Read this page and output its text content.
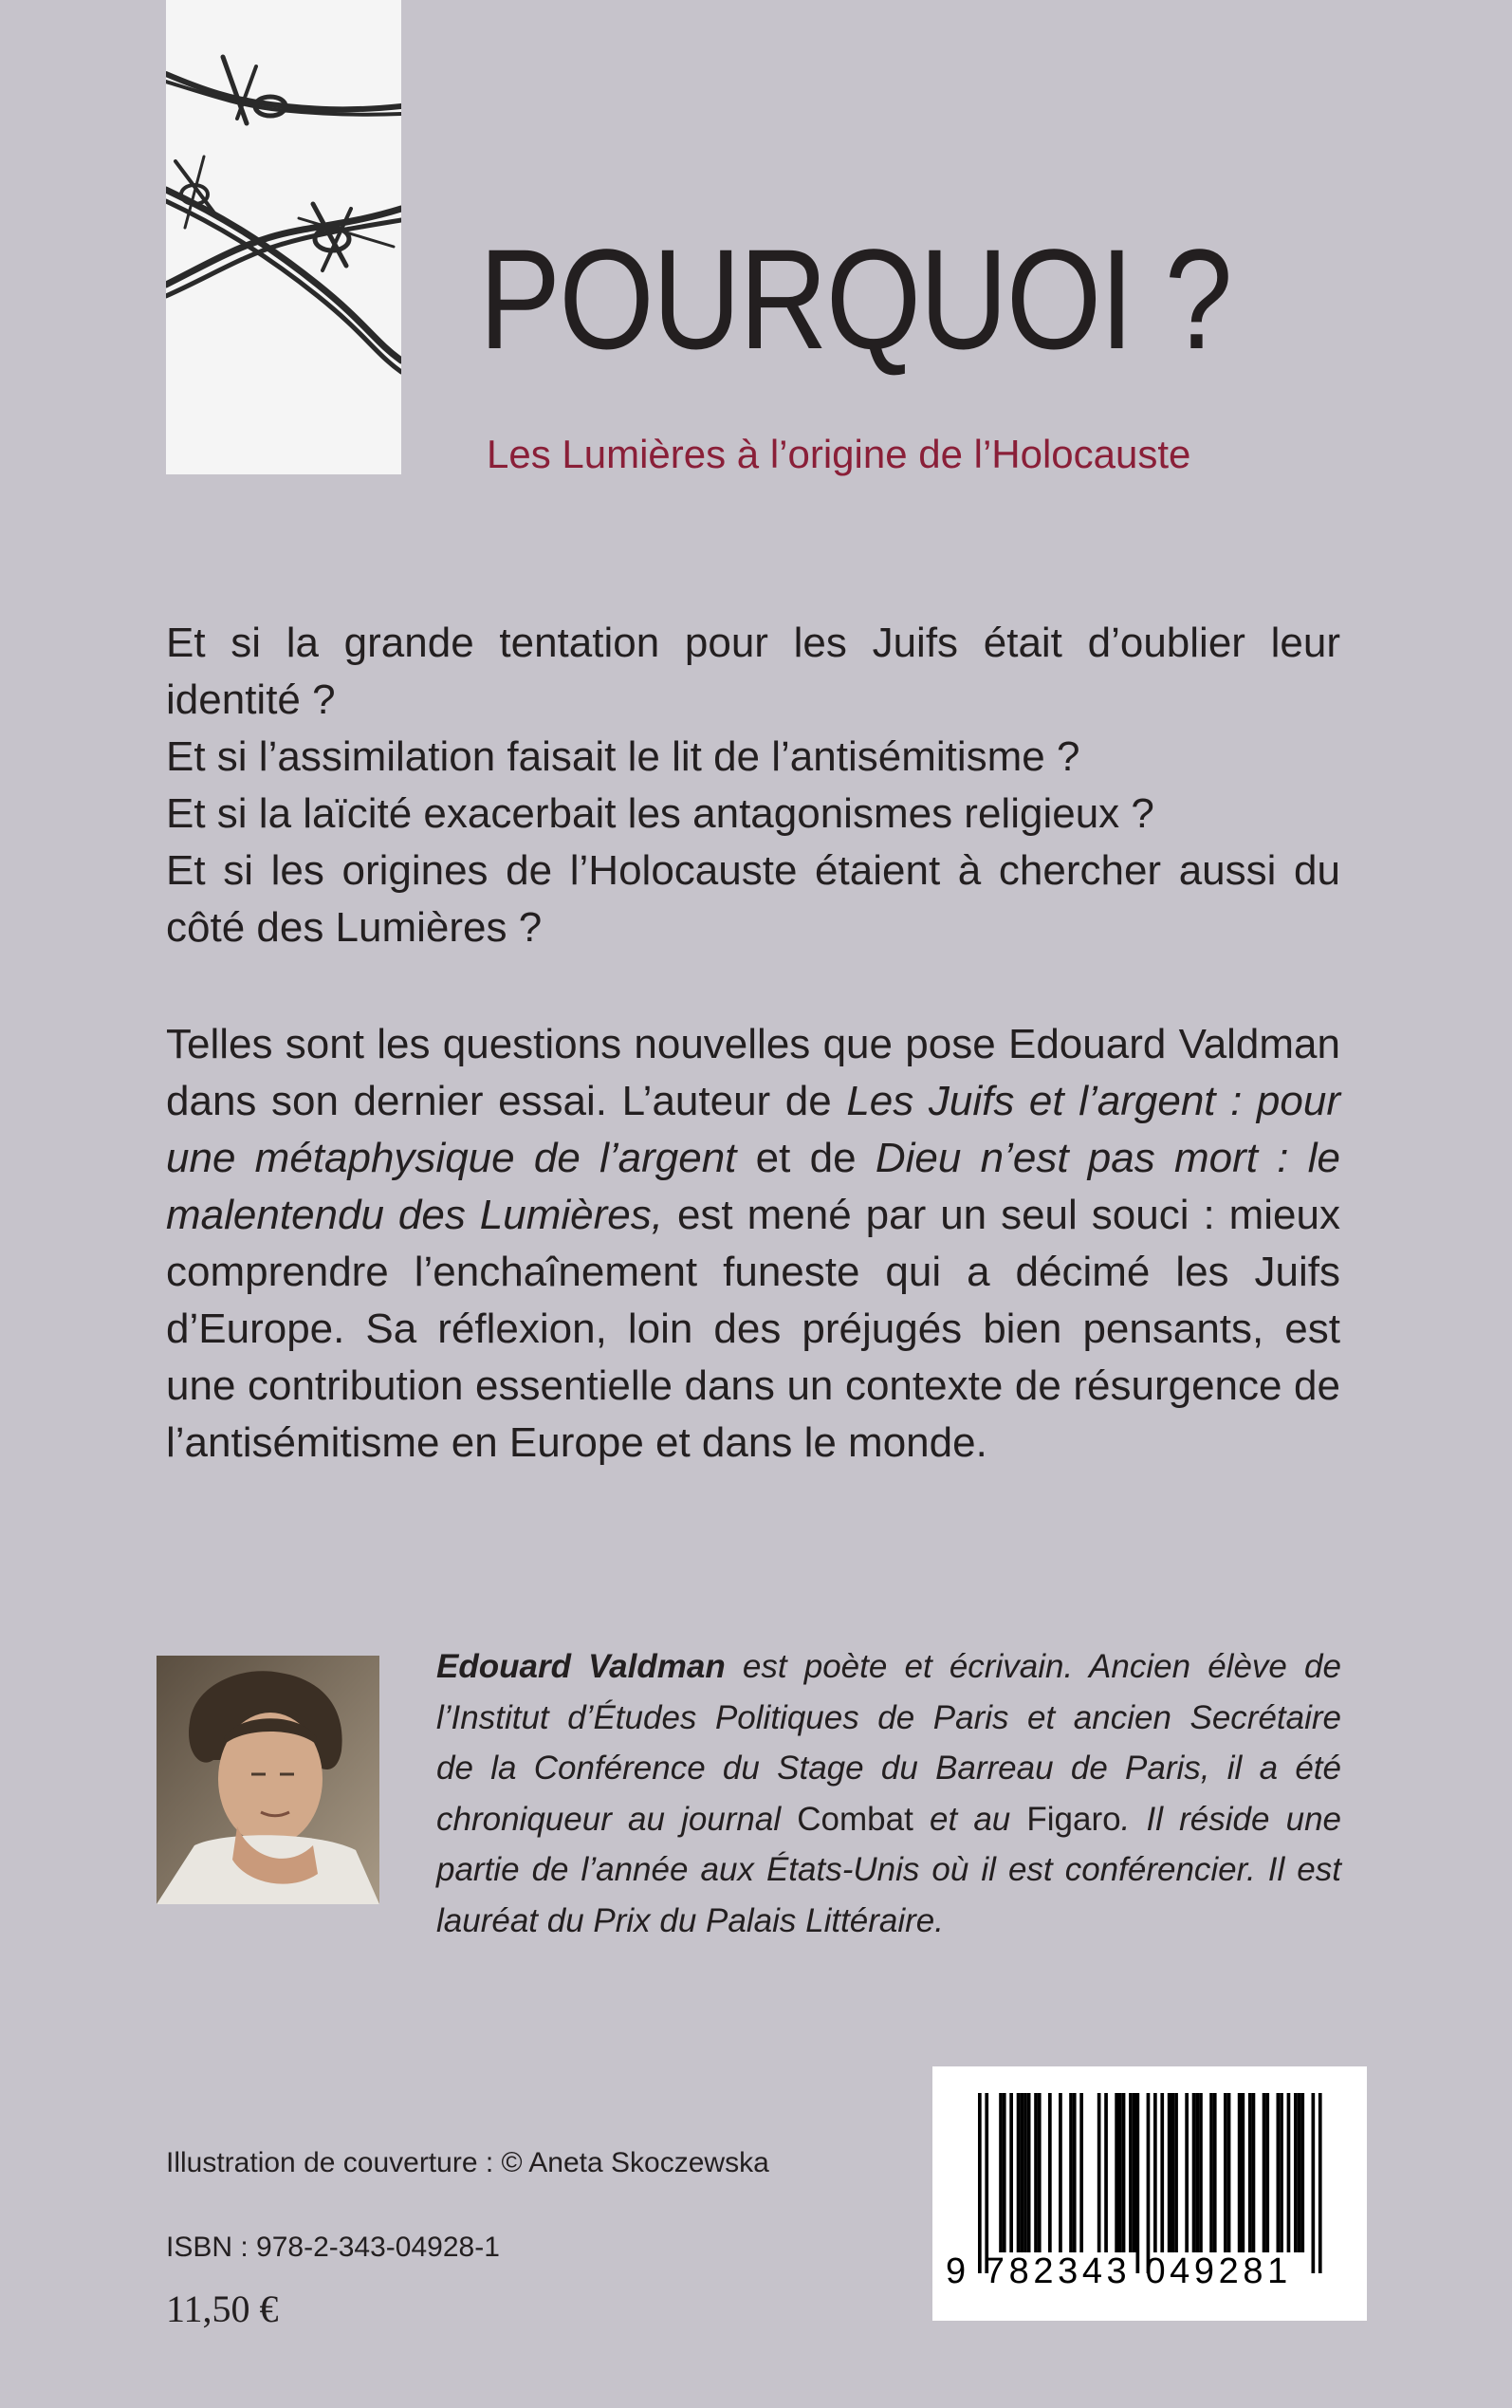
POURQUOI ?
Les Lumières à l’origine de l’Holocauste
Et si la grande tentation pour les Juifs était d’oublier leur identité ?
Et si l’assimilation faisait le lit de l’antisémitisme ?
Et si la laïcité exacerbait les antagonismes religieux ?
Et si les origines de l’Holocauste étaient à chercher aussi du côté des Lumières ?
Telles sont les questions nouvelles que pose Edouard Valdman dans son dernier essai. L’auteur de Les Juifs et l’argent : pour une métaphysique de l’argent et de Dieu n’est pas mort : le malentendu des Lumières, est mené par un seul souci : mieux comprendre l’enchaînement funeste qui a décimé les Juifs d’Europe. Sa réflexion, loin des préjugés bien pensants, est une contribution essentielle dans un contexte de résurgence de l’antisémitisme en Europe et dans le monde.
Edouard Valdman est poète et écrivain. Ancien élève de
l’Institut d’Études Politiques de Paris et ancien Secrétaire
de la Conférence du Stage du Barreau de Paris, il a été
chroniqueur au journal Combat et au Figaro. Il réside une
partie de l’année aux États-Unis où il est conférencier. Il est
lauréat du Prix du Palais Littéraire.
Illustration de couverture : © Aneta Skoczewska
ISBN : 978-2-343-04928-1
11,50 €
9 782343 049281
